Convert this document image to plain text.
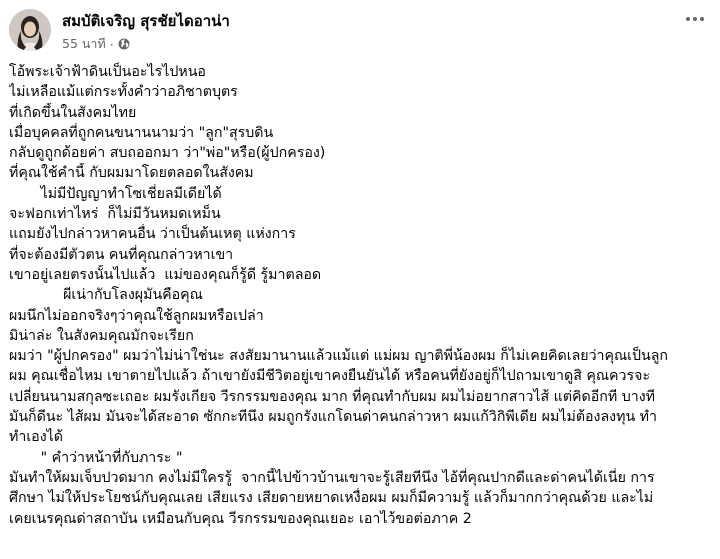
สมบัติเจริญ สุรชัยไดอาน่า
55 นาที ·
โอ้พระเจ้าฟ้าดินเป็นอะไรไปหนอ
ไม่เหลือแม้แต่กระทั้งคำว่าอภิชาตบุตร
ที่เกิดขึ้นในสังคมไทย
เมื่อบุคคลที่ถูกคนขนานนามว่า "ลูก"สุรบดิน
กลับดูถูกด้อยค่า สบถออกมา ว่า"พ่อ"หรือ(ผู้ปกครอง)
ที่คุณใช้คำนี้ กับผมมาโดยตลอดในสังคม
ไม่มีปัญญาทำโซเชี่ยลมีเดียได้
จะฟอกเท่าไหร่  ก็ไม่มีวันหมดเหม็น
แถมยังไปกล่าวหาคนอื่น ว่าเป็นต้นเหตุ แห่งการ
ที่จะต้องมีตัวตน คนที่คุณกล่าวหาเขา
เขาอยู่เลยตรงนั้นไปแล้ว  แม่ของคุณก็รู้ดี รู้มาตลอด
ผีเน่ากับโลงผุมันคือคุณ
ผมนึกไม่ออกจริงๆว่าคุณใช้ลูกผมหรือเปล่า
มิน่าล่ะ ในสังคมคุณมักจะเรียก
ผมว่า "ผู้ปกครอง" ผมว่าไม่น่าใช่นะ สงสัยมานานแล้วแม้แต่ แม่ผม ญาติพี่น้องผม ก็ไม่เคยคิดเลยว่าคุณเป็นลูก
ผม คุณเชื่อไหม เขาตายไปแล้ว ถ้าเขายังมีชีวิตอยู่เขาคงยืนยันได้ หรือคนที่ยังอยู่ก็ไปถามเขาดูสิ คุณควรจะ
เปลี่ยนนามสกุลซะเถอะ ผมรังเกียจ วีรกรรมของคุณ มาก ที่คุณทำกับผม ผมไม่อยากสาวไส้ แต่คิดอีกที บางที
มันก็ดีนะ ไส้ผม มันจะได้สะอาด ซักกะทีนึง ผมถูกรังแกโดนด่าคนกล่าวหา ผมแก้วิกิพีเดีย ผมไม่ต้องลงทุน ทำ
ทำเองได้
" คำว่าหน้าที่กับภาระ "
มันทำให้ผมเจ็บปวดมาก คงไม่มีใครรู้  จากนี้ไปข้าวบ้านเขาจะรู้เสียทีนึง ไอ้ที่คุณปากดีและด่าคนได้เนี่ย การ
ศึกษา ไม่ให้ประโยชน์กับคุณเลย เสียแรง เสียดายหยาดเหงื่อผม ผมก็มีความรู้ แล้วก็มากกว่าคุณด้วย และไม่
เคยเนรคุณด่าสถาบัน เหมือนกับคุณ วีรกรรมของคุณเยอะ เอาไว้ขอต่อภาค 2
